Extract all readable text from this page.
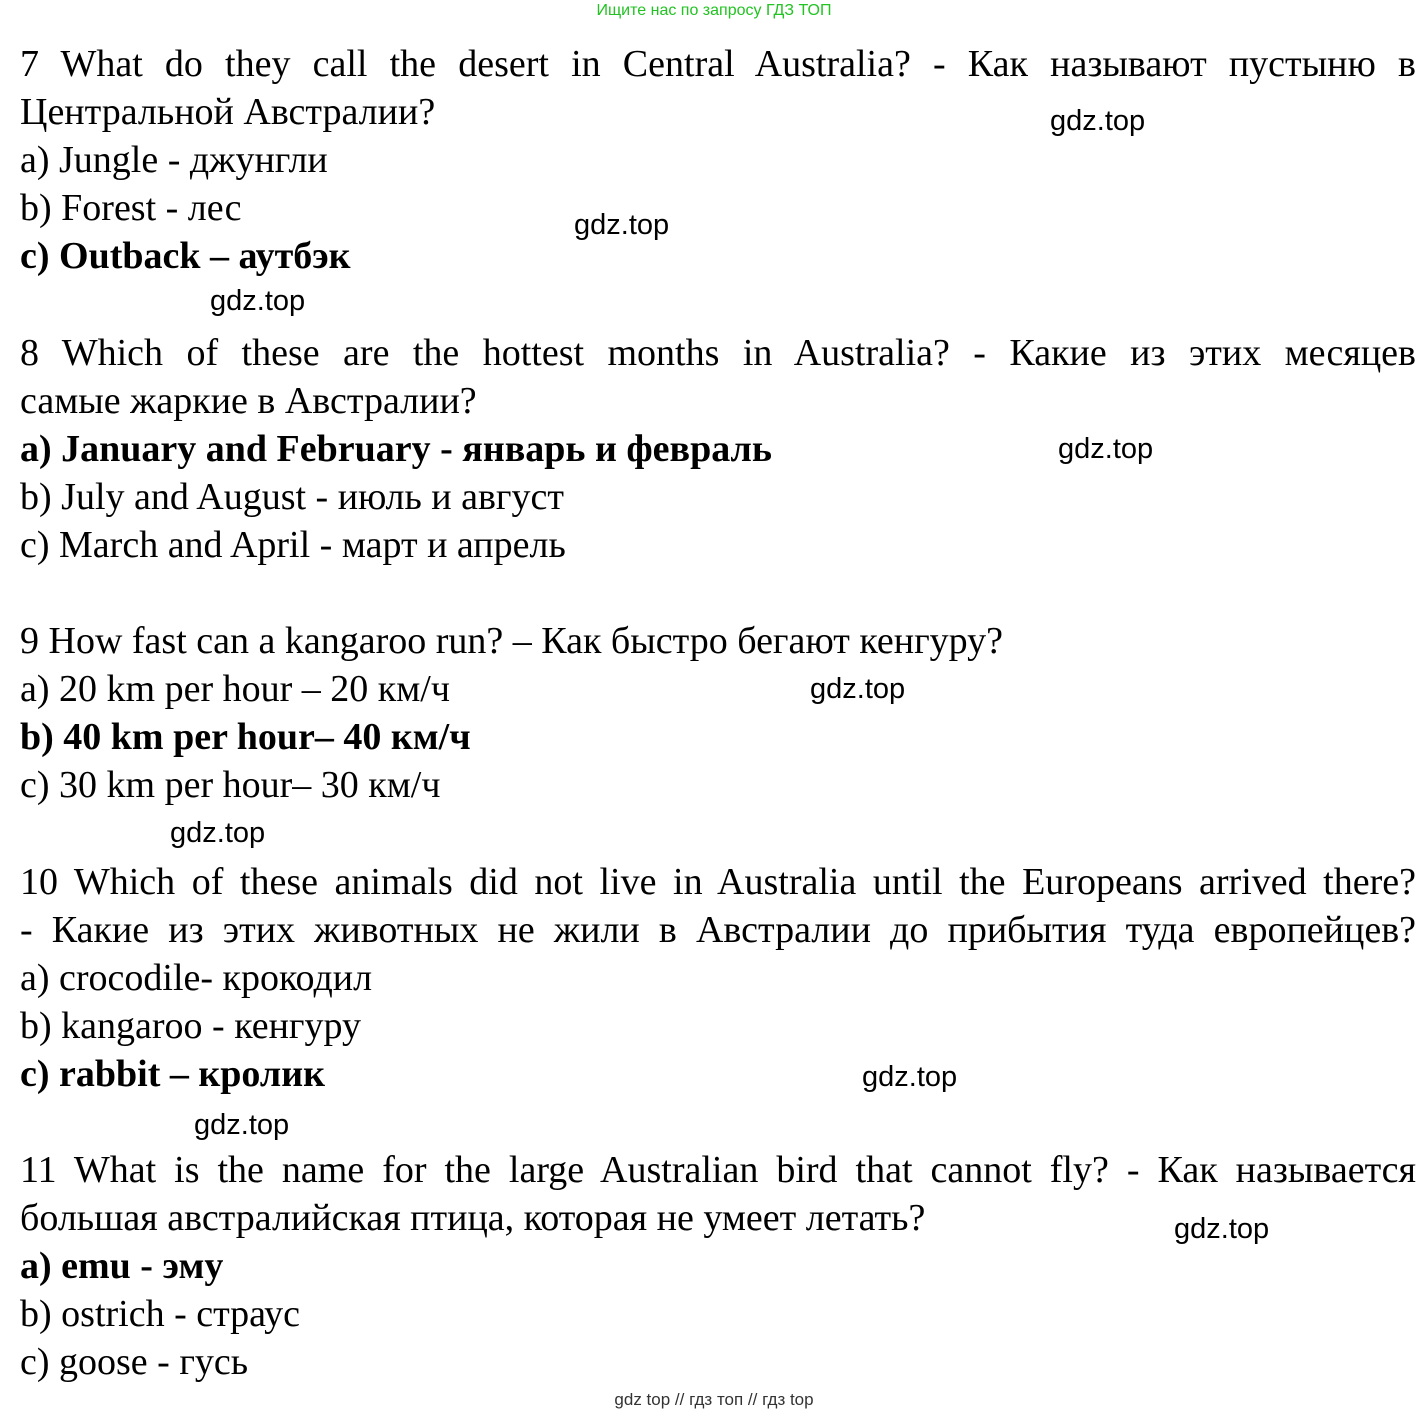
Ищите нас по запросу ГДЗ ТОП
7 What do they call the desert in Central Australia? - Как называют пустыню в
Центральной Австралии?
a) Jungle - джунгли
b) Forest - лес
c) Outback – аутбэк
8 Which of these are the hottest months in Australia? - Какие из этих месяцев
самые жаркие в Австралии?
a) January and February - январь и февраль
b) July and August - июль и август
c) March and April - март и апрель
9 How fast can a kangaroo run? – Как быстро бегают кенгуру?
a) 20 km per hour – 20 км/ч
b) 40 km per hour– 40 км/ч
c) 30 km per hour– 30 км/ч
10 Which of these animals did not live in Australia until the Europeans arrived there?
- Какие из этих животных не жили в Австралии до прибытия туда европейцев?
a) crocodile- крокодил
b) kangaroo - кенгуру
c) rabbit – кролик
11 What is the name for the large Australian bird that cannot fly? - Как называется
большая австралийская птица, которая не умеет летать?
a) emu - эму
b) ostrich - страус
c) goose - гусь
gdz.top
gdz.top
gdz.top
gdz.top
gdz.top
gdz.top
gdz.top
gdz.top
gdz.top
gdz top // гдз топ // гдз top
